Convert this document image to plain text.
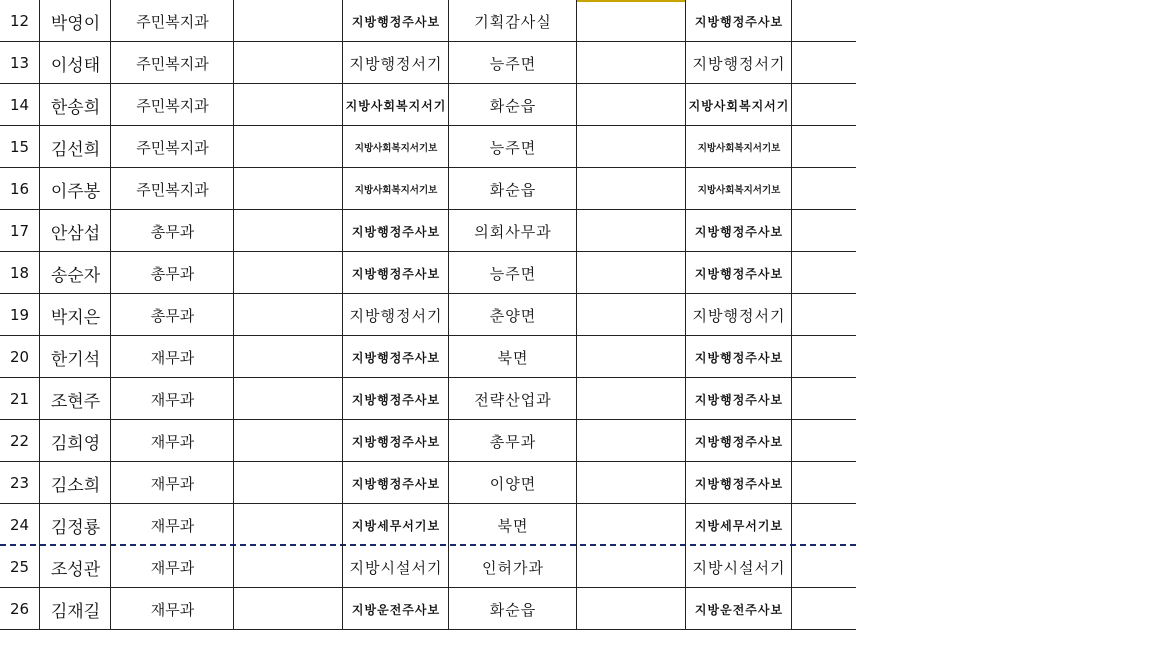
12	박영이	주민복지과	지방행정주사보	기획감사실	지방행정주사보
13	이성태	주민복지과	지방행정서기	능주면	지방행정서기
14	한송희	주민복지과	지방사회복지서기	화순읍	지방사회복지서기
15	김선희	주민복지과	지방사회복지서기보	능주면	지방사회복지서기보
16	이주봉	주민복지과	지방사회복지서기보	화순읍	지방사회복지서기보
17	안삼섭	총무과	지방행정주사보	의회사무과	지방행정주사보
18	송순자	총무과	지방행정주사보	능주면	지방행정주사보
19	박지은	총무과	지방행정서기	춘양면	지방행정서기
20	한기석	재무과	지방행정주사보	북면	지방행정주사보
21	조현주	재무과	지방행정주사보	전략산업과	지방행정주사보
22	김희영	재무과	지방행정주사보	총무과	지방행정주사보
23	김소희	재무과	지방행정주사보	이양면	지방행정주사보
24	김정룡	재무과	지방세무서기보	북면	지방세무서기보
25	조성관	재무과	지방시설서기	인허가과	지방시설서기
26	김재길	재무과	지방운전주사보	화순읍	지방운전주사보
